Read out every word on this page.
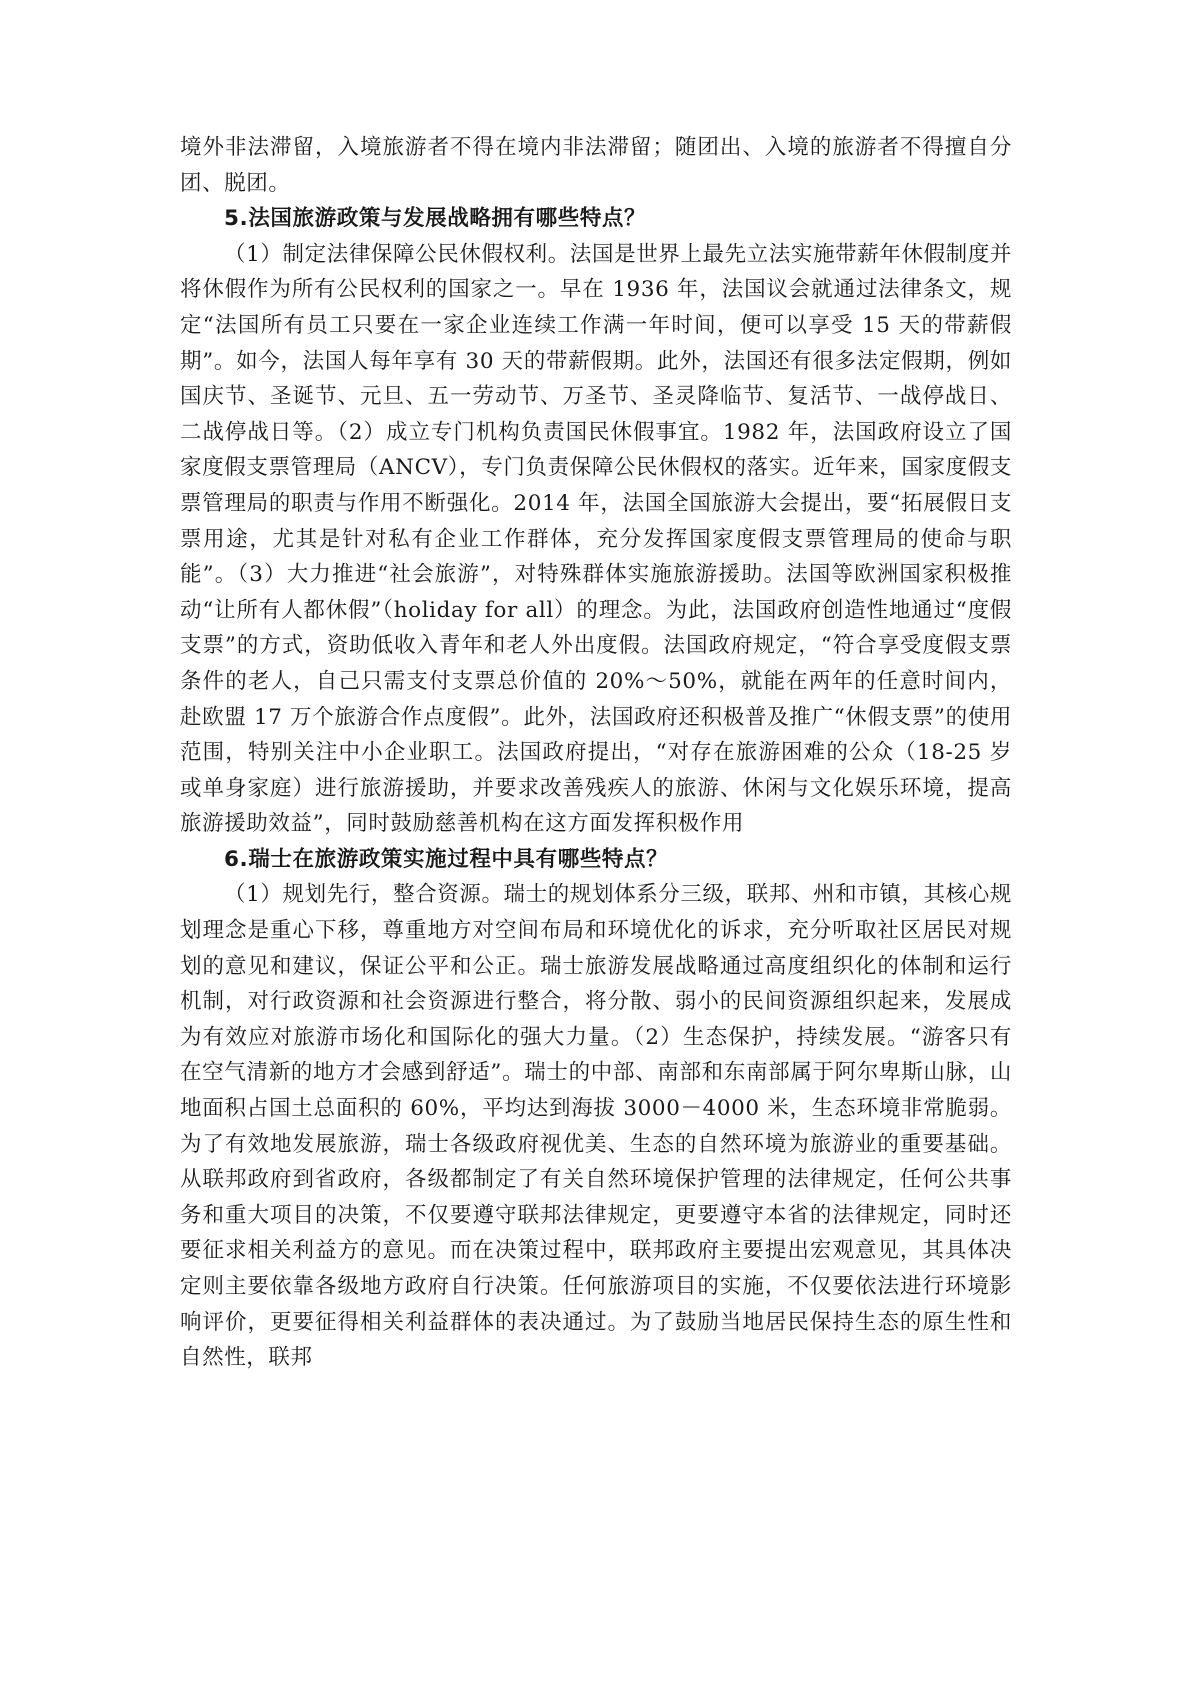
境外非法滞留，入境旅游者不得在境内非法滞留；随团出、入境的旅游者不得擅自分团、脱团。

5.法国旅游政策与发展战略拥有哪些特点？

（1）制定法律保障公民休假权利。法国是世界上最先立法实施带薪年休假制度并将休假作为所有公民权利的国家之一。早在 1936 年，法国议会就通过法律条文，规定“法国所有员工只要在一家企业连续工作满一年时间，便可以享受 15 天的带薪假期”。如今，法国人每年享有 30 天的带薪假期。此外，法国还有很多法定假期，例如国庆节、圣诞节、元旦、五一劳动节、万圣节、圣灵降临节、复活节、一战停战日、二战停战日等。（2）成立专门机构负责国民休假事宜。1982 年，法国政府设立了国家度假支票管理局（ANCV），专门负责保障公民休假权的落实。近年来，国家度假支票管理局的职责与作用不断强化。2014 年，法国全国旅游大会提出，要“拓展假日支票用途，尤其是针对私有企业工作群体，充分发挥国家度假支票管理局的使命与职能”。（3）大力推进“社会旅游”，对特殊群体实施旅游援助。法国等欧洲国家积极推动“让所有人都休假”（holiday for all）的理念。为此，法国政府创造性地通过“度假支票”的方式，资助低收入青年和老人外出度假。法国政府规定，“符合享受度假支票条件的老人，自己只需支付支票总价值的 20%～50%，就能在两年的任意时间内，赴欧盟 17 万个旅游合作点度假”。此外，法国政府还积极普及推广“休假支票”的使用范围，特别关注中小企业职工。法国政府提出，“对存在旅游困难的公众（18-25 岁或单身家庭）进行旅游援助，并要求改善残疾人的旅游、休闲与文化娱乐环境，提高旅游援助效益”，同时鼓励慈善机构在这方面发挥积极作用

6.瑞士在旅游政策实施过程中具有哪些特点？

（1）规划先行，整合资源。瑞士的规划体系分三级，联邦、州和市镇，其核心规划理念是重心下移，尊重地方对空间布局和环境优化的诉求，充分听取社区居民对规划的意见和建议，保证公平和公正。瑞士旅游发展战略通过高度组织化的体制和运行机制，对行政资源和社会资源进行整合，将分散、弱小的民间资源组织起来，发展成为有效应对旅游市场化和国际化的强大力量。（2）生态保护，持续发展。“游客只有在空气清新的地方才会感到舒适”。瑞士的中部、南部和东南部属于阿尔卑斯山脉，山地面积占国土总面积的 60%，平均达到海拔 3000－4000 米，生态环境非常脆弱。为了有效地发展旅游，瑞士各级政府视优美、生态的自然环境为旅游业的重要基础。从联邦政府到省政府，各级都制定了有关自然环境保护管理的法律规定，任何公共事务和重大项目的决策，不仅要遵守联邦法律规定，更要遵守本省的法律规定，同时还要征求相关利益方的意见。而在决策过程中，联邦政府主要提出宏观意见，其具体决定则主要依靠各级地方政府自行决策。任何旅游项目的实施，不仅要依法进行环境影响评价，更要征得相关利益群体的表决通过。为了鼓励当地居民保持生态的原生性和自然性，联邦
